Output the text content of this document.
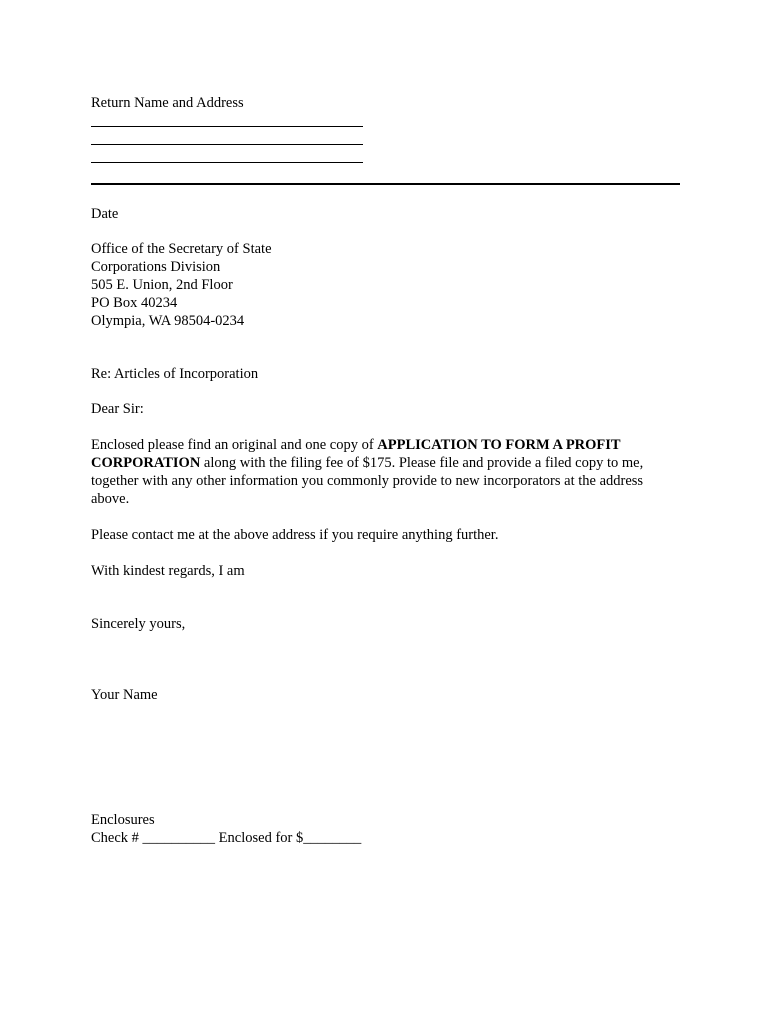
Return Name and Address
Date
Office of the Secretary of State
Corporations Division
505 E. Union, 2nd Floor
PO Box 40234
Olympia, WA 98504-0234
Re: Articles of Incorporation
Dear Sir:
Enclosed please find an original and one copy of APPLICATION TO FORM A PROFIT CORPORATION along with the filing fee of $175. Please file and provide a filed copy to me, together with any other information you commonly provide to new incorporators at the address above.
Please contact me at the above address if you require anything further.
With kindest regards, I am
Sincerely yours,
Your Name
Enclosures
Check # __________ Enclosed for $________
